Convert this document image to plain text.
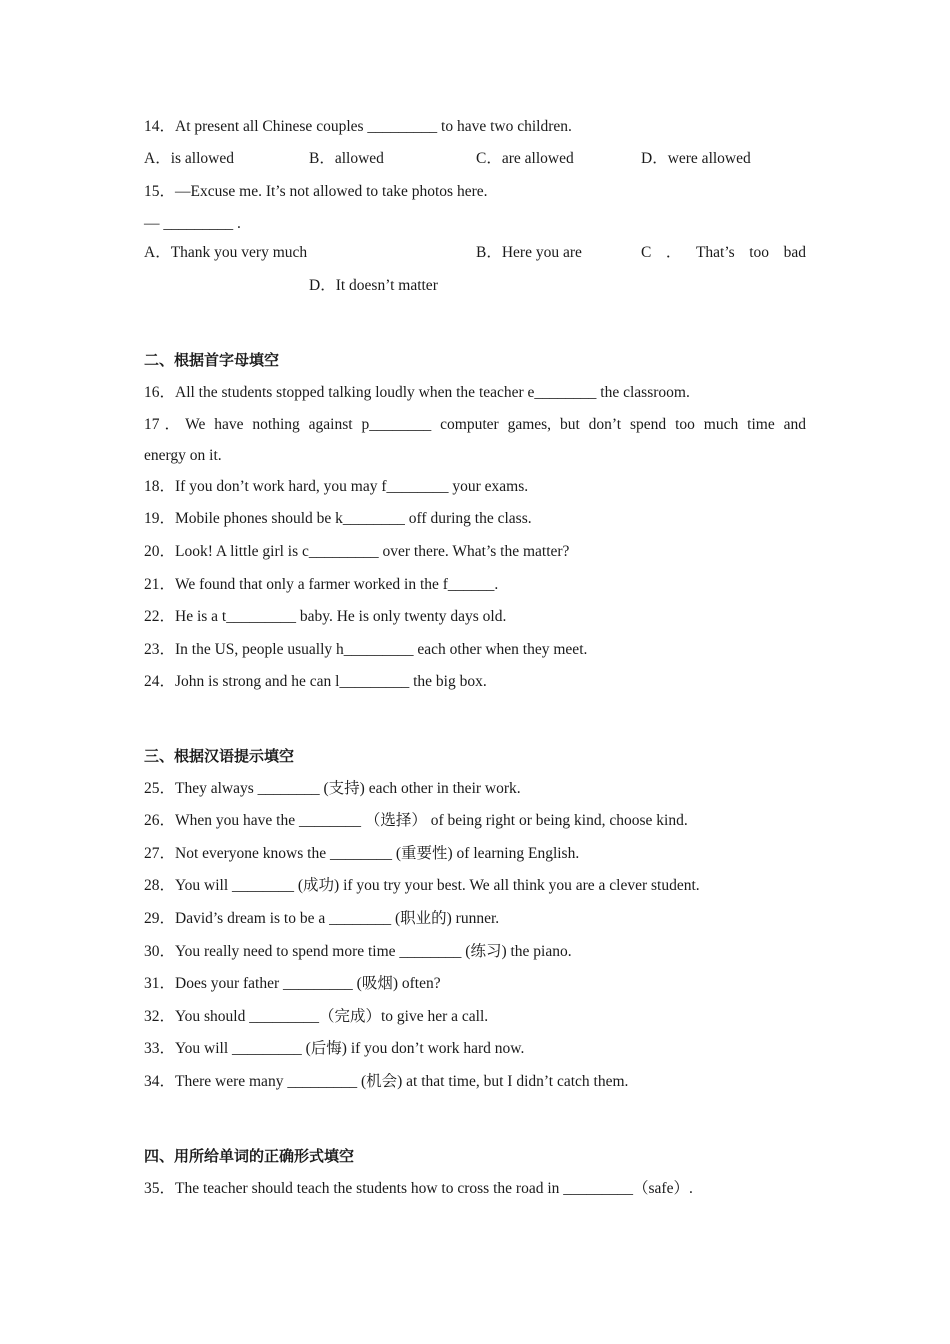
14．At present all Chinese couples _________ to have two children.
A．is allowed	B．allowed	C．are allowed	D．were allowed
15．—Excuse me. It’s not allowed to take photos here.
— _________ .
A．Thank you very much	B．Here you are	C ． That’s too bad
D．It doesn’t matter
二、根据首字母填空
16．All the students stopped talking loudly when the teacher e________ the classroom.
17．We have nothing against p________ computer games, but don’t spend too much time and
energy on it.
18．If you don’t work hard, you may f________ your exams.
19．Mobile phones should be k________ off during the class.
20．Look! A little girl is c_________ over there. What’s the matter?
21．We found that only a farmer worked in the f______.
22．He is a t_________ baby. He is only twenty days old.
23．In the US, people usually h_________ each other when they meet.
24．John is strong and he can l_________ the big box.
三、根据汉语提示填空
25．They always ________ (支持) each other in their work.
26．When you have the ________ （选择） of being right or being kind, choose kind.
27．Not everyone knows the ________ (重要性) of learning English.
28．You will ________ (成功) if you try your best. We all think you are a clever student.
29．David’s dream is to be a ________ (职业的) runner.
30．You really need to spend more time ________ (练习) the piano.
31．Does your father _________ (吸烟) often?
32．You should _________（完成）to give her a call.
33．You will _________ (后悔) if you don’t work hard now.
34．There were many _________ (机会) at that time, but I didn’t catch them.
四、用所给单词的正确形式填空
35．The teacher should teach the students how to cross the road in _________（safe）.
